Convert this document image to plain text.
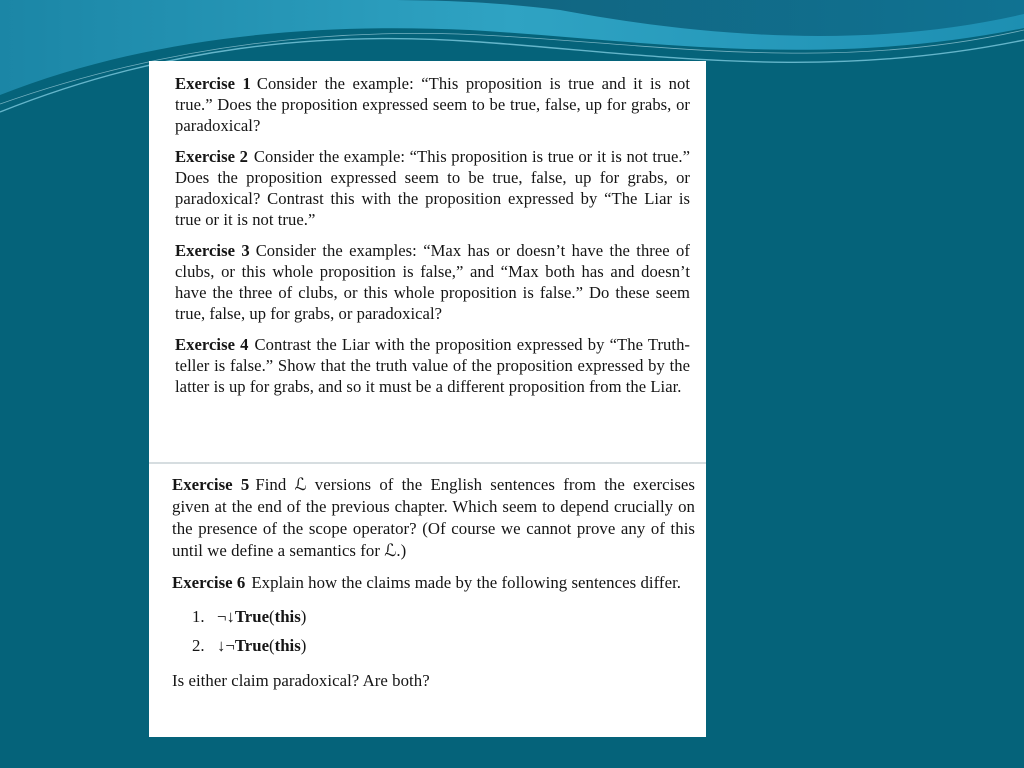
Exercise 1 Consider the example: “This proposition is true and it is not true.” Does the proposition expressed seem to be true, false, up for grabs, or paradoxical?

Exercise 2 Consider the example: “This proposition is true or it is not true.” Does the proposition expressed seem to be true, false, up for grabs, or paradoxical? Contrast this with the proposition expressed by “The Liar is true or it is not true.”

Exercise 3 Consider the examples: “Max has or doesn’t have the three of clubs, or this whole proposition is false,” and “Max both has and doesn’t have the three of clubs, or this whole proposition is false.” Do these seem true, false, up for grabs, or paradoxical?

Exercise 4 Contrast the Liar with the proposition expressed by “The Truth-teller is false.” Show that the truth value of the proposition expressed by the latter is up for grabs, and so it must be a different proposition from the Liar.

Exercise 5 Find ℒ versions of the English sentences from the exercises given at the end of the previous chapter. Which seem to depend crucially on the presence of the scope operator? (Of course we cannot prove any of this until we define a semantics for ℒ.)

Exercise 6 Explain how the claims made by the following sentences differ.

1. ¬↓True(this)
2. ↓¬True(this)

Is either claim paradoxical? Are both?
